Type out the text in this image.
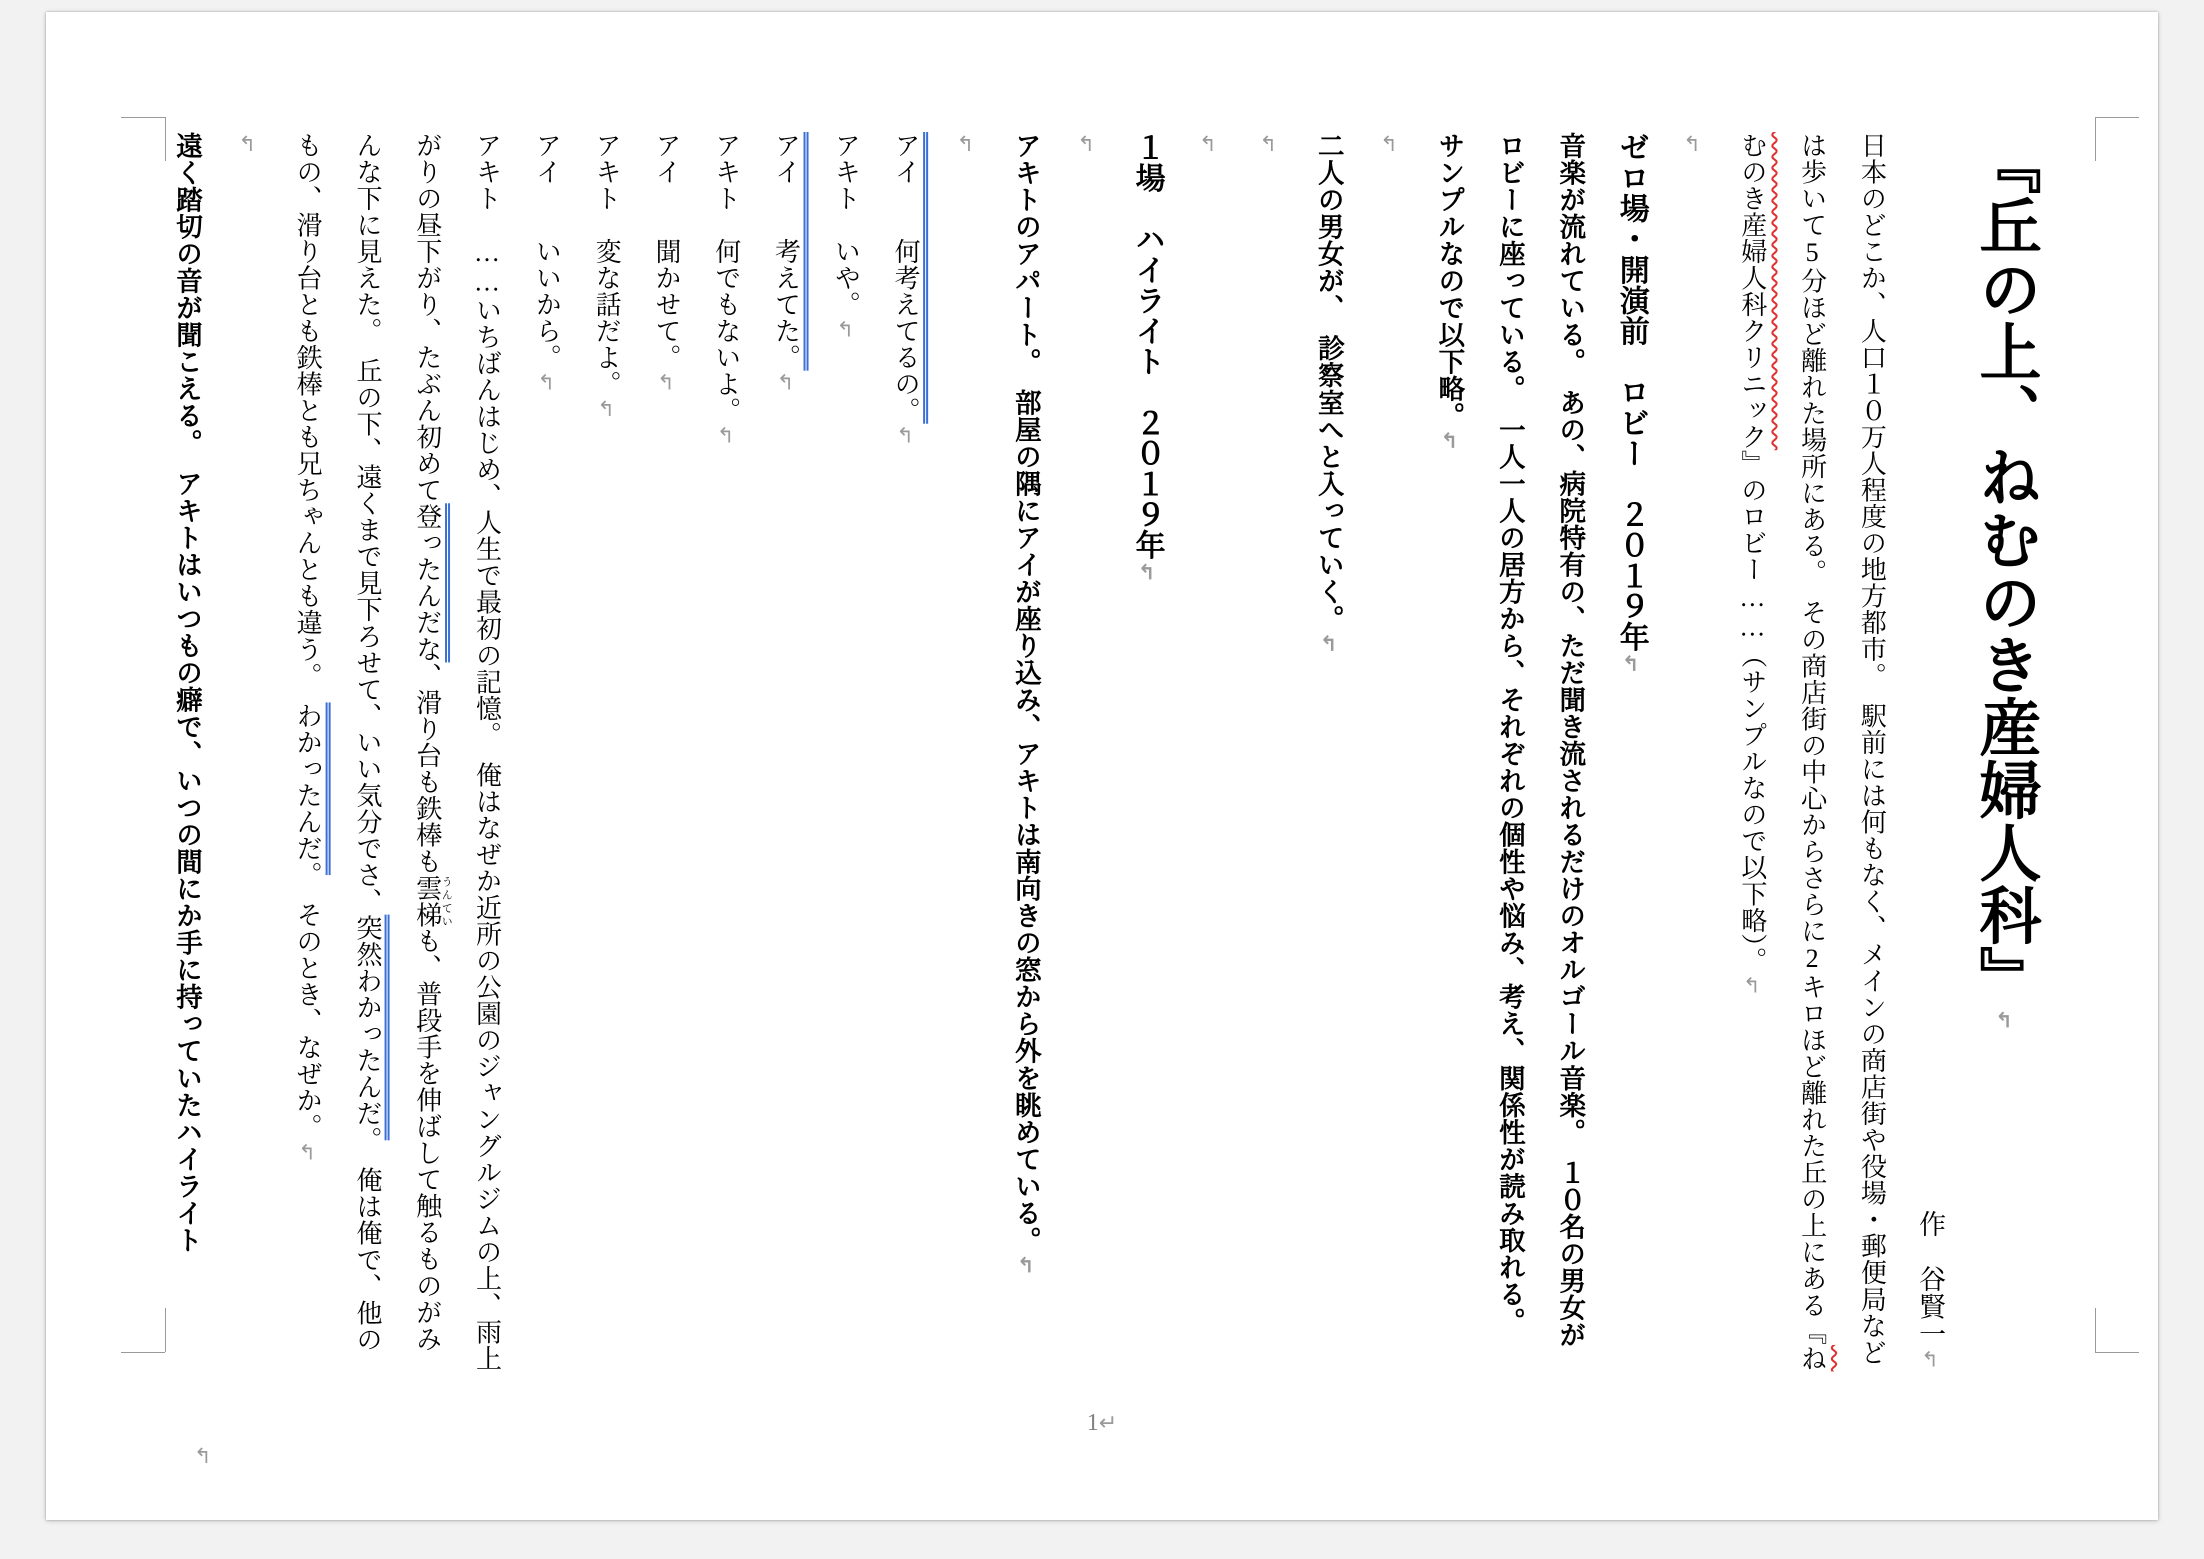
『丘の上、ねむのき産婦人科』↰

作　谷賢一↰

日本のどこか、人口１０万人程度の地方都市。　駅前には何もなく、メインの商店街や役場・郵便局などは歩いて5分ほど離れた場所にある。　その商店街の中心からさらに2キロほど離れた丘の上にある『ねむのき産婦人科クリニック』のロビー……（サンプルなので以下略）。↰

↰

ゼロ場・開演前　ロビー　２０１９年↰

音楽が流れている。　あの、病院特有の、ただ聞き流されるだけのオルゴール音楽。　１０名の男女がロビーに座っている。　一人一人の居方から、それぞれの個性や悩み、考え、関係性が読み取れる。　サンプルなので以下略。↰

↰

二人の男女が、　診察室へと入っていく。↰

↰

↰

１場　ハイライト　２０１９年↰

↰

アキトのアパート。　部屋の隅にアイが座り込み、アキトは南向きの窓から外を眺めている。↰

↰

アイ　　何考えてるの。↰

アキト　いや。↰

アイ　　考えてた。↰

アキト　何でもないよ。↰

アイ　　聞かせて。↰

アキト　変な話だよ。↰

アイ　　いいから。↰

アキト　……いちばんはじめ、人生で最初の記憶。　俺はなぜか近所の公園のジャングルジムの上、雨上がりの昼下がり、たぶん初めて登ったんだな、滑り台も鉄棒も雲梯うんていも、普段手を伸ばして触るものがみんな下に見えた。　丘の下、遠くまで見下ろせて、いい気分でさ、突然わかったんだ。　俺は俺で、他のもの、滑り台とも鉄棒とも兄ちゃんとも違う。　わかったんだ。　そのとき、なぜか。↰

↰

遠く踏切の音が聞こえる。　アキトはいつもの癖で、いつの間にか手に持っていたハイライト

1↵
↰
